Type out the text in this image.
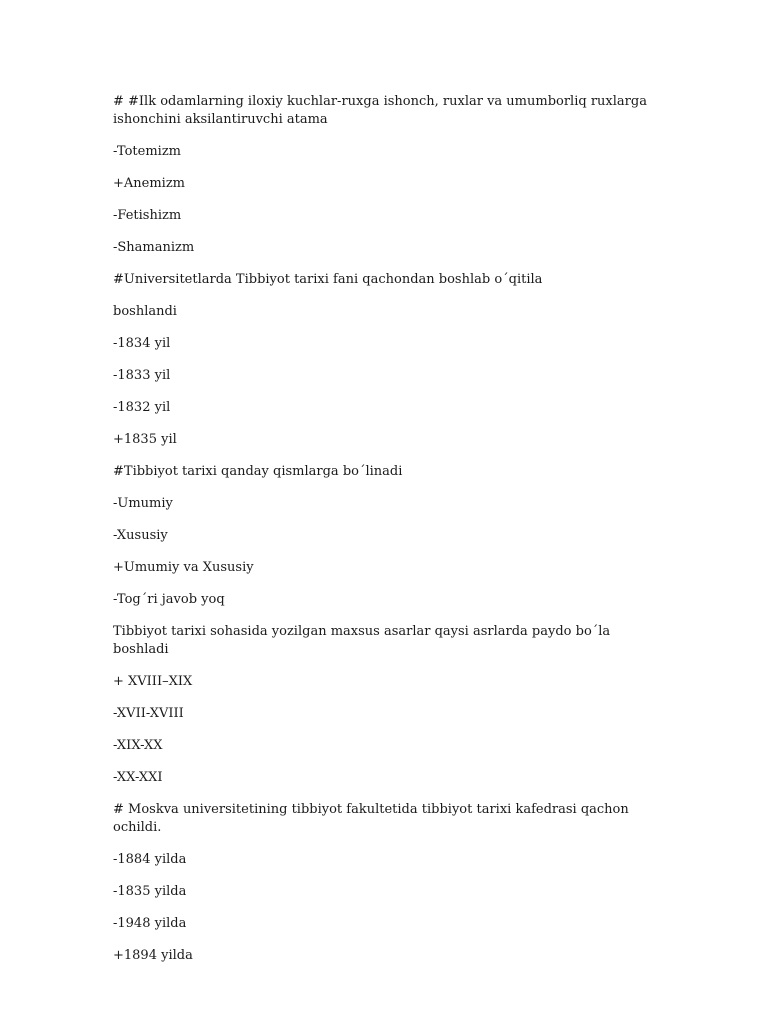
# #Ilk odamlarning iloxiy kuchlar-ruxga ishonch, ruxlar va umumborliq ruxlarga ishonchini aksilantiruvchi atama
-Totemizm
+Anemizm
-Fetishizm
-Shamanizm
#Universitetlarda Tibbiyot tarixi fani qachondan boshlab o´qitila
boshlandi
-1834 yil
-1833 yil
-1832 yil
+1835 yil
#Tibbiyot tarixi qanday qismlarga bo´linadi
-Umumiy
-Xususiy
+Umumiy va Xususiy
-Tog´ri javob yoq
Tibbiyot tarixi sohasida yozilgan maxsus asarlar qaysi asrlarda paydo bo´la boshladi
+ XVIII–XIX
-XVII-XVIII
-XIX-XX
-XX-XXI
# Moskva universitetining tibbiyot fakultetida tibbiyot tarixi kafedrasi qachon ochildi.
-1884 yilda
-1835 yilda
-1948 yilda
+1894 yilda
